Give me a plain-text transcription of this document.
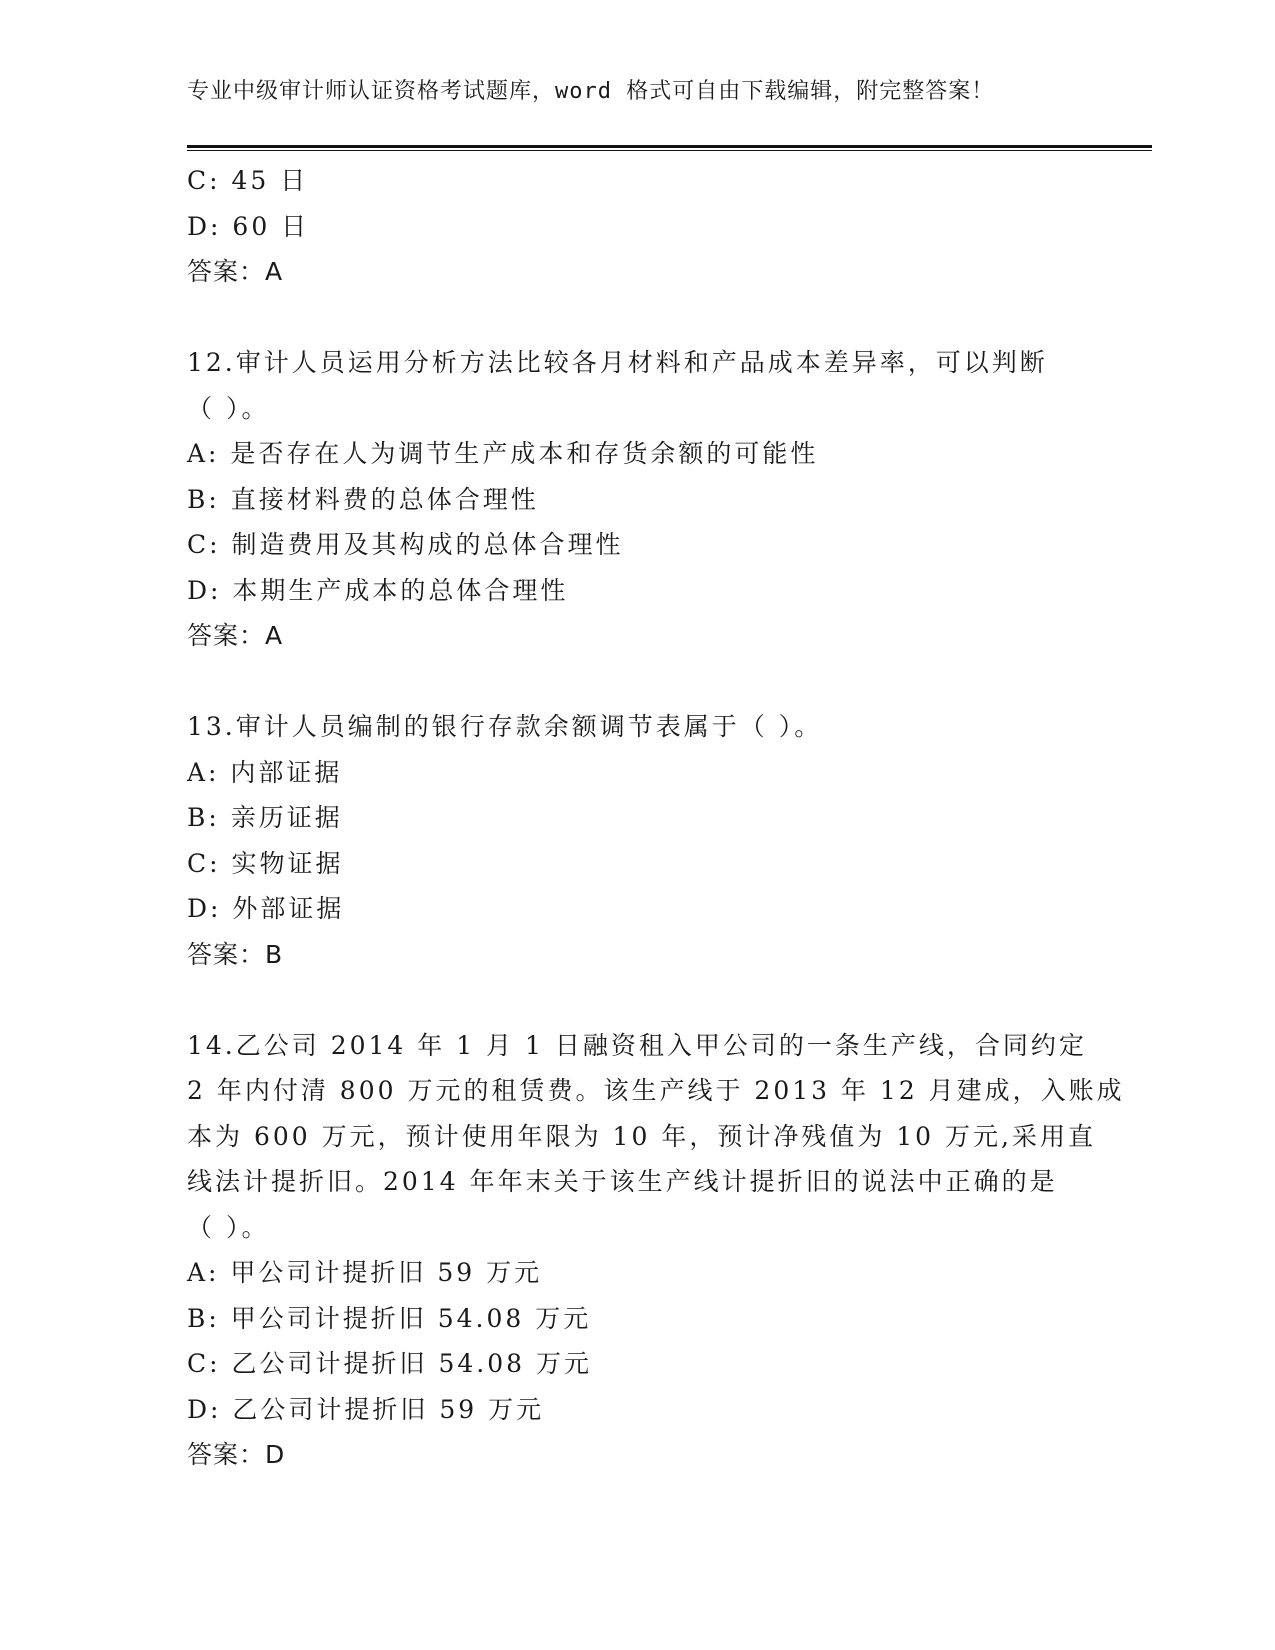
专业中级审计师认证资格考试题库，word 格式可自由下载编辑，附完整答案！
C: 45 日
D: 60 日
答案：A
12.审计人员运用分析方法比较各月材料和产品成本差异率，可以判断
（ ）。
A: 是否存在人为调节生产成本和存货余额的可能性
B: 直接材料费的总体合理性
C: 制造费用及其构成的总体合理性
D: 本期生产成本的总体合理性
答案：A
13.审计人员编制的银行存款余额调节表属于（ ）。
A: 内部证据
B: 亲历证据
C: 实物证据
D: 外部证据
答案：B
14.乙公司 2014 年 1 月 1 日融资租入甲公司的一条生产线，合同约定
2 年内付清 800 万元的租赁费。该生产线于 2013 年 12 月建成，入账成
本为 600 万元，预计使用年限为 10 年，预计净残值为 10 万元,采用直
线法计提折旧。2014 年年末关于该生产线计提折旧的说法中正确的是
（ ）。
A: 甲公司计提折旧 59 万元
B: 甲公司计提折旧 54.08 万元
C: 乙公司计提折旧 54.08 万元
D: 乙公司计提折旧 59 万元
答案：D
